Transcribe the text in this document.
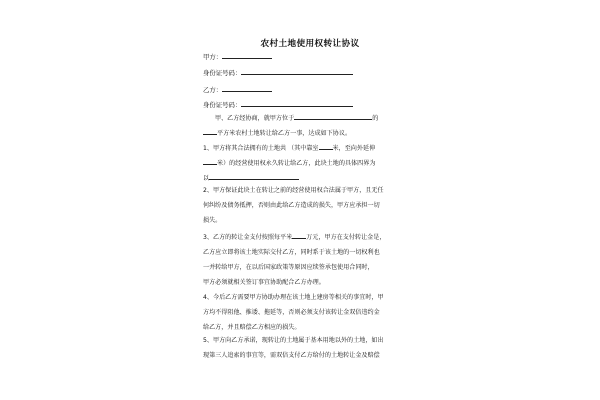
农村土地使用权转让协议
甲方：
身份证号码：
乙方：
身份证号码：
甲、乙方经协商，就甲方位于	的
平方米农村土地转让给乙方一事，达成如下协议。
1、甲方将其合法拥有的土地共 （其中靠室 米，至向外延伸
米）的经营使用权永久转让给乙方，此块土地的具体四界为
以
2、甲方保证此块土在转让之前的经营使用权合法属于甲方，且无任
何纠纷及债务抵押，否则由此给乙方造成的损失，甲方应承担一切
损失。
3、乙方的转让金支付按照每平米 万元，甲方在支付转让金是，
乙方应立即将该土地实际交付乙方，同时系于该土地的一切权利也
一并转给甲方，在以后国家政策等原因应续签承包使用合同时，
甲方必须就相关签订事宜协助配合乙方办理。
4、今后乙方需要甲方协助办理在该土地上建房等相关的事宜时，甲
方均不得阻他、推诿、拖延等，否则必须支付该转让金双倍违约金
给乙方，并且赔偿乙方相应的损失。
5、甲方向乙方承诺，现转让的土地属于基本用地以外的土地，如出
现第三人追索的事宜等，需双倍支付乙方给付的土地转让金及赔偿
